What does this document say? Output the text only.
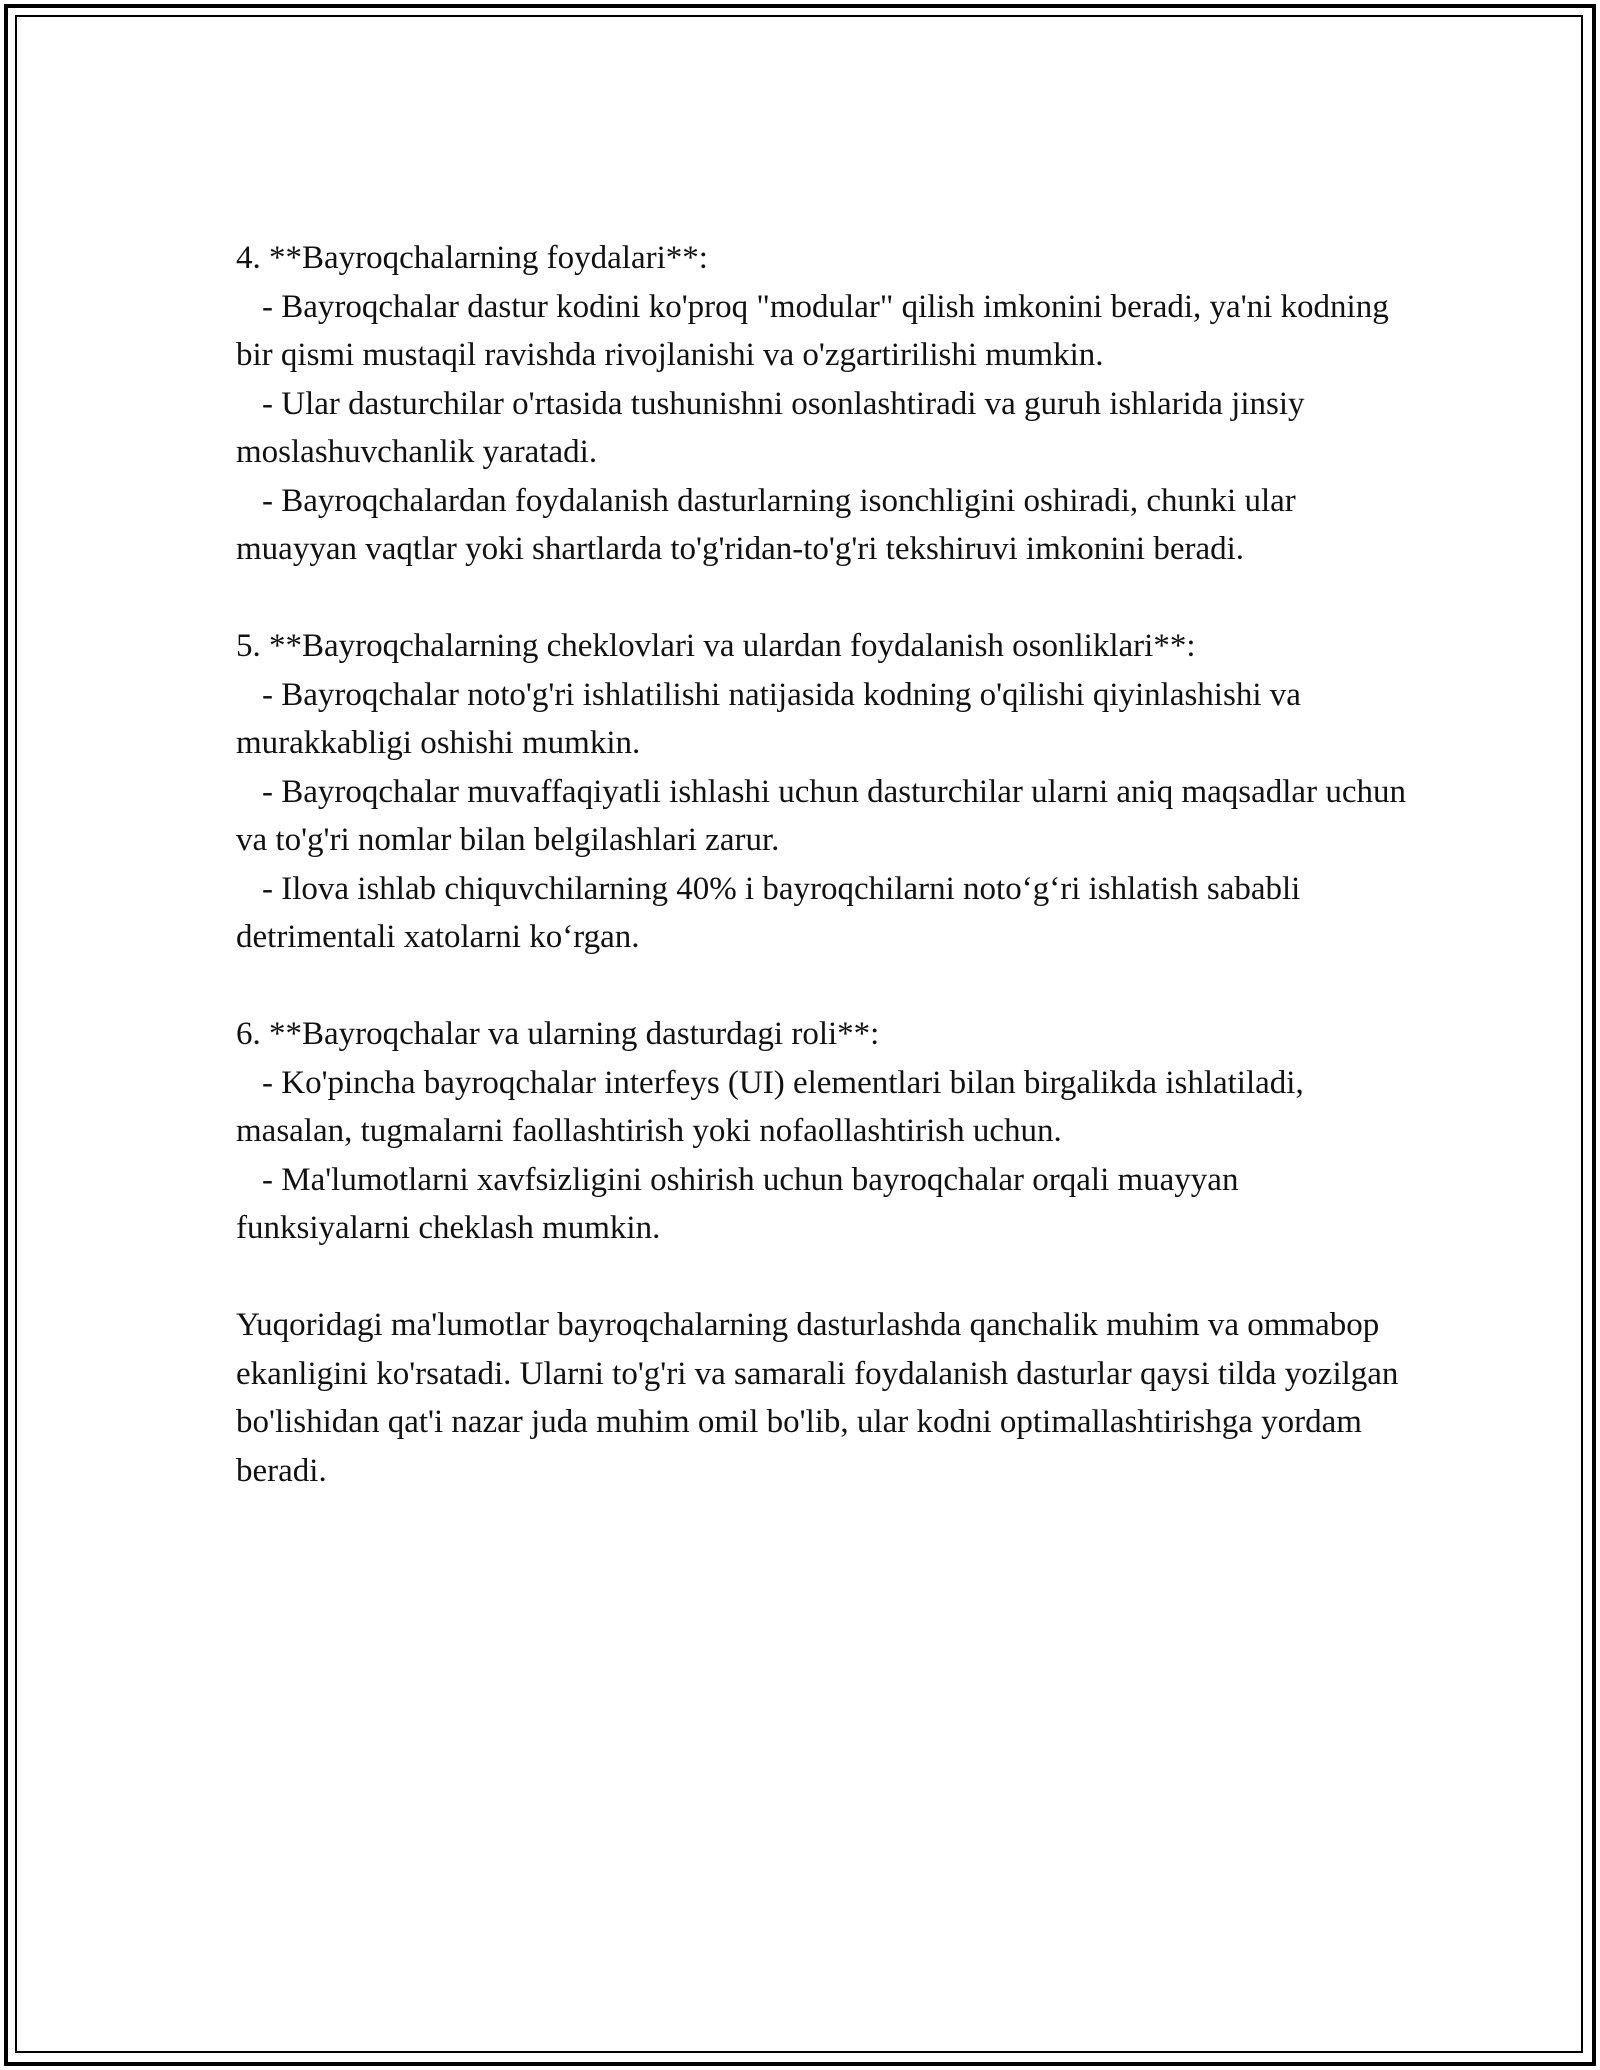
4. **Bayroqchalarning foydalari**:

- Bayroqchalar dastur kodini ko'proq "modular" qilish imkonini beradi, ya'ni kodning bir qismi mustaqil ravishda rivojlanishi va o'zgartirilishi mumkin.

- Ular dasturchilar o'rtasida tushunishni osonlashtiradi va guruh ishlarida jinsiy moslashuvchanlik yaratadi.

- Bayroqchalardan foydalanish dasturlarning isonchligini oshiradi, chunki ular muayyan vaqtlar yoki shartlarda to'g'ridan-to'g'ri tekshiruvi imkonini beradi.

5. **Bayroqchalarning cheklovlari va ulardan foydalanish osonliklari**:

- Bayroqchalar noto'g'ri ishlatilishi natijasida kodning o'qilishi qiyinlashishi va murakkabligi oshishi mumkin.

- Bayroqchalar muvaffaqiyatli ishlashi uchun dasturchilar ularni aniq maqsadlar uchun va to'g'ri nomlar bilan belgilashlari zarur.

- Ilova ishlab chiquvchilarning 40% i bayroqchilarni noto‘g‘ri ishlatish sababli detrimentali xatolarni ko‘rgan.

6. **Bayroqchalar va ularning dasturdagi roli**:

- Ko'pincha bayroqchalar interfeys (UI) elementlari bilan birgalikda ishlatiladi, masalan, tugmalarni faollashtirish yoki nofaollashtirish uchun.

- Ma'lumotlarni xavfsizligini oshirish uchun bayroqchalar orqali muayyan funksiyalarni cheklash mumkin.

Yuqoridagi ma'lumotlar bayroqchalarning dasturlashda qanchalik muhim va ommabop ekanligini ko'rsatadi. Ularni to'g'ri va samarali foydalanish dasturlar qaysi tilda yozilgan bo'lishidan qat'i nazar juda muhim omil bo'lib, ular kodni optimallashtirishga yordam beradi.
